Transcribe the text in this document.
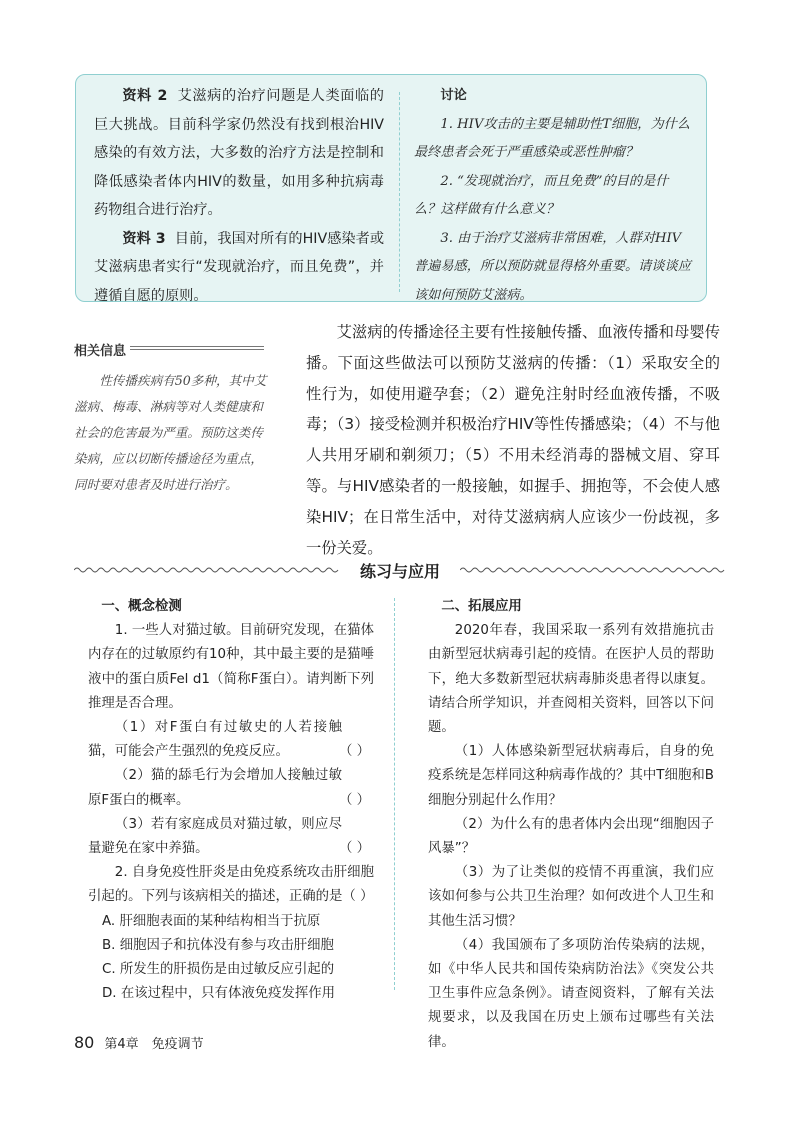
资料 2 艾滋病的治疗问题是人类面临的巨大挑战。目前科学家仍然没有找到根治HIV感染的有效方法，大多数的治疗方法是控制和降低感染者体内HIV的数量，如用多种抗病毒药物组合进行治疗。

资料 3 目前，我国对所有的HIV感染者或艾滋病患者实行“发现就治疗，而且免费”，并遵循自愿的原则。

讨论

1. HIV攻击的主要是辅助性T细胞，为什么最终患者会死于严重感染或恶性肿瘤？

2. “发现就治疗，而且免费”的目的是什么？这样做有什么意义？

3. 由于治疗艾滋病非常困难，人群对HIV普遍易感，所以预防就显得格外重要。请谈谈应该如何预防艾滋病。

相关信息

性传播疾病有50多种，其中艾滋病、梅毒、淋病等对人类健康和社会的危害最为严重。预防这类传染病，应以切断传播途径为重点，同时要对患者及时进行治疗。

艾滋病的传播途径主要有性接触传播、血液传播和母婴传播。下面这些做法可以预防艾滋病的传播：（1）采取安全的性行为，如使用避孕套；（2）避免注射时经血液传播，不吸毒；（3）接受检测并积极治疗HIV等性传播感染；（4）不与他人共用牙刷和剃须刀；（5）不用未经消毒的器械文眉、穿耳等。与HIV感染者的一般接触，如握手、拥抱等，不会使人感染HIV；在日常生活中，对待艾滋病病人应该少一份歧视，多一份关爱。

练习与应用

一、概念检测

1. 一些人对猫过敏。目前研究发现，在猫体内存在的过敏原约有10种，其中最主要的是猫唾液中的蛋白质Fel d1（简称F蛋白）。请判断下列推理是否合理。

（1）对F蛋白有过敏史的人若接触猫，可能会产生强烈的免疫反应。	（ ）

（2）猫的舔毛行为会增加人接触过敏原F蛋白的概率。	（ ）

（3）若有家庭成员对猫过敏，则应尽量避免在家中养猫。	（ ）

2. 自身免疫性肝炎是由免疫系统攻击肝细胞引起的。下列与该病相关的描述，正确的是（ ）

A. 肝细胞表面的某种结构相当于抗原

B. 细胞因子和抗体没有参与攻击肝细胞

C. 所发生的肝损伤是由过敏反应引起的

D. 在该过程中，只有体液免疫发挥作用

二、拓展应用

2020年春，我国采取一系列有效措施抗击由新型冠状病毒引起的疫情。在医护人员的帮助下，绝大多数新型冠状病毒肺炎患者得以康复。请结合所学知识，并查阅相关资料，回答以下问题。

（1）人体感染新型冠状病毒后，自身的免疫系统是怎样同这种病毒作战的？其中T细胞和B细胞分别起什么作用？

（2）为什么有的患者体内会出现“细胞因子风暴”？

（3）为了让类似的疫情不再重演，我们应该如何参与公共卫生治理？如何改进个人卫生和其他生活习惯？

（4）我国颁布了多项防治传染病的法规，如《中华人民共和国传染病防治法》《突发公共卫生事件应急条例》。请查阅资料，了解有关法规要求，以及我国在历史上颁布过哪些有关法律。

80 第4章　免疫调节
